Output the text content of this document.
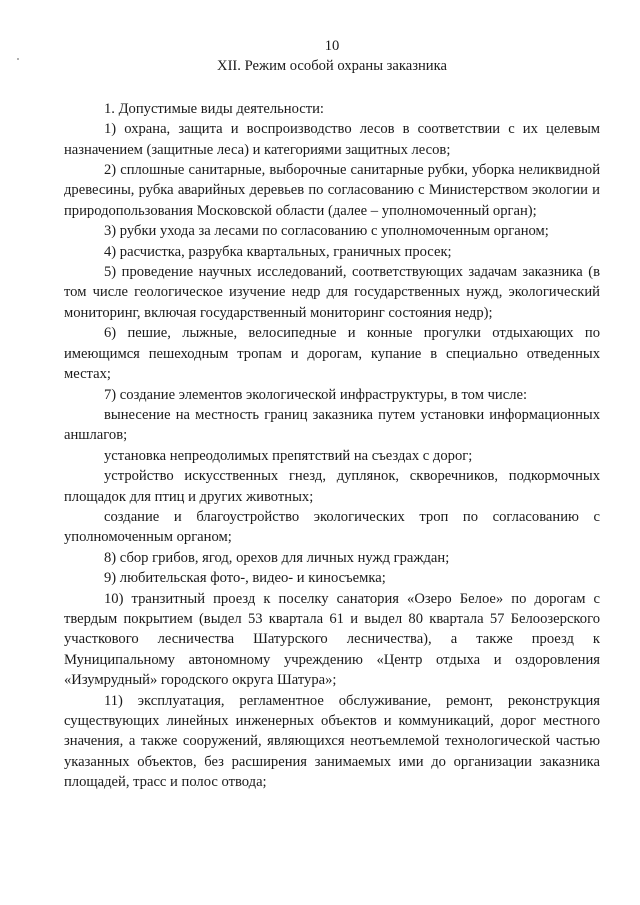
10

XII. Режим особой охраны заказника

1. Допустимые виды деятельности:

1) охрана, защита и воспроизводство лесов в соответствии с их целевым назначением (защитные леса) и категориями защитных лесов;

2) сплошные санитарные, выборочные санитарные рубки, уборка неликвидной древесины, рубка аварийных деревьев по согласованию с Министерством экологии и природопользования Московской области (далее – уполномоченный орган);

3) рубки ухода за лесами по согласованию с уполномоченным органом;

4) расчистка, разрубка квартальных, граничных просек;

5) проведение научных исследований, соответствующих задачам заказника (в том числе геологическое изучение недр для государственных нужд, экологический мониторинг, включая государственный мониторинг состояния недр);

6) пешие, лыжные, велосипедные и конные прогулки отдыхающих по имеющимся пешеходным тропам и дорогам, купание в специально отведенных местах;

7) создание элементов экологической инфраструктуры, в том числе:

вынесение на местность границ заказника путем установки информационных аншлагов;

установка непреодолимых препятствий на съездах с дорог;

устройство искусственных гнезд, дуплянок, скворечников, подкормочных площадок для птиц и других животных;

создание и благоустройство экологических троп по согласованию с уполномоченным органом;

8) сбор грибов, ягод, орехов для личных нужд граждан;

9) любительская фото-, видео- и киносъемка;

10) транзитный проезд к поселку санатория «Озеро Белое» по дорогам с твердым покрытием (выдел 53 квартала 61 и выдел 80 квартала 57 Белоозерского участкового лесничества Шатурского лесничества), а также проезд к Муниципальному автономному учреждению «Центр отдыха и оздоровления «Изумрудный» городского округа Шатура»;

11) эксплуатация, регламентное обслуживание, ремонт, реконструкция существующих линейных инженерных объектов и коммуникаций, дорог местного значения, а также сооружений, являющихся неотъемлемой технологической частью указанных объектов, без расширения занимаемых ими до организации заказника площадей, трасс и полос отвода;
